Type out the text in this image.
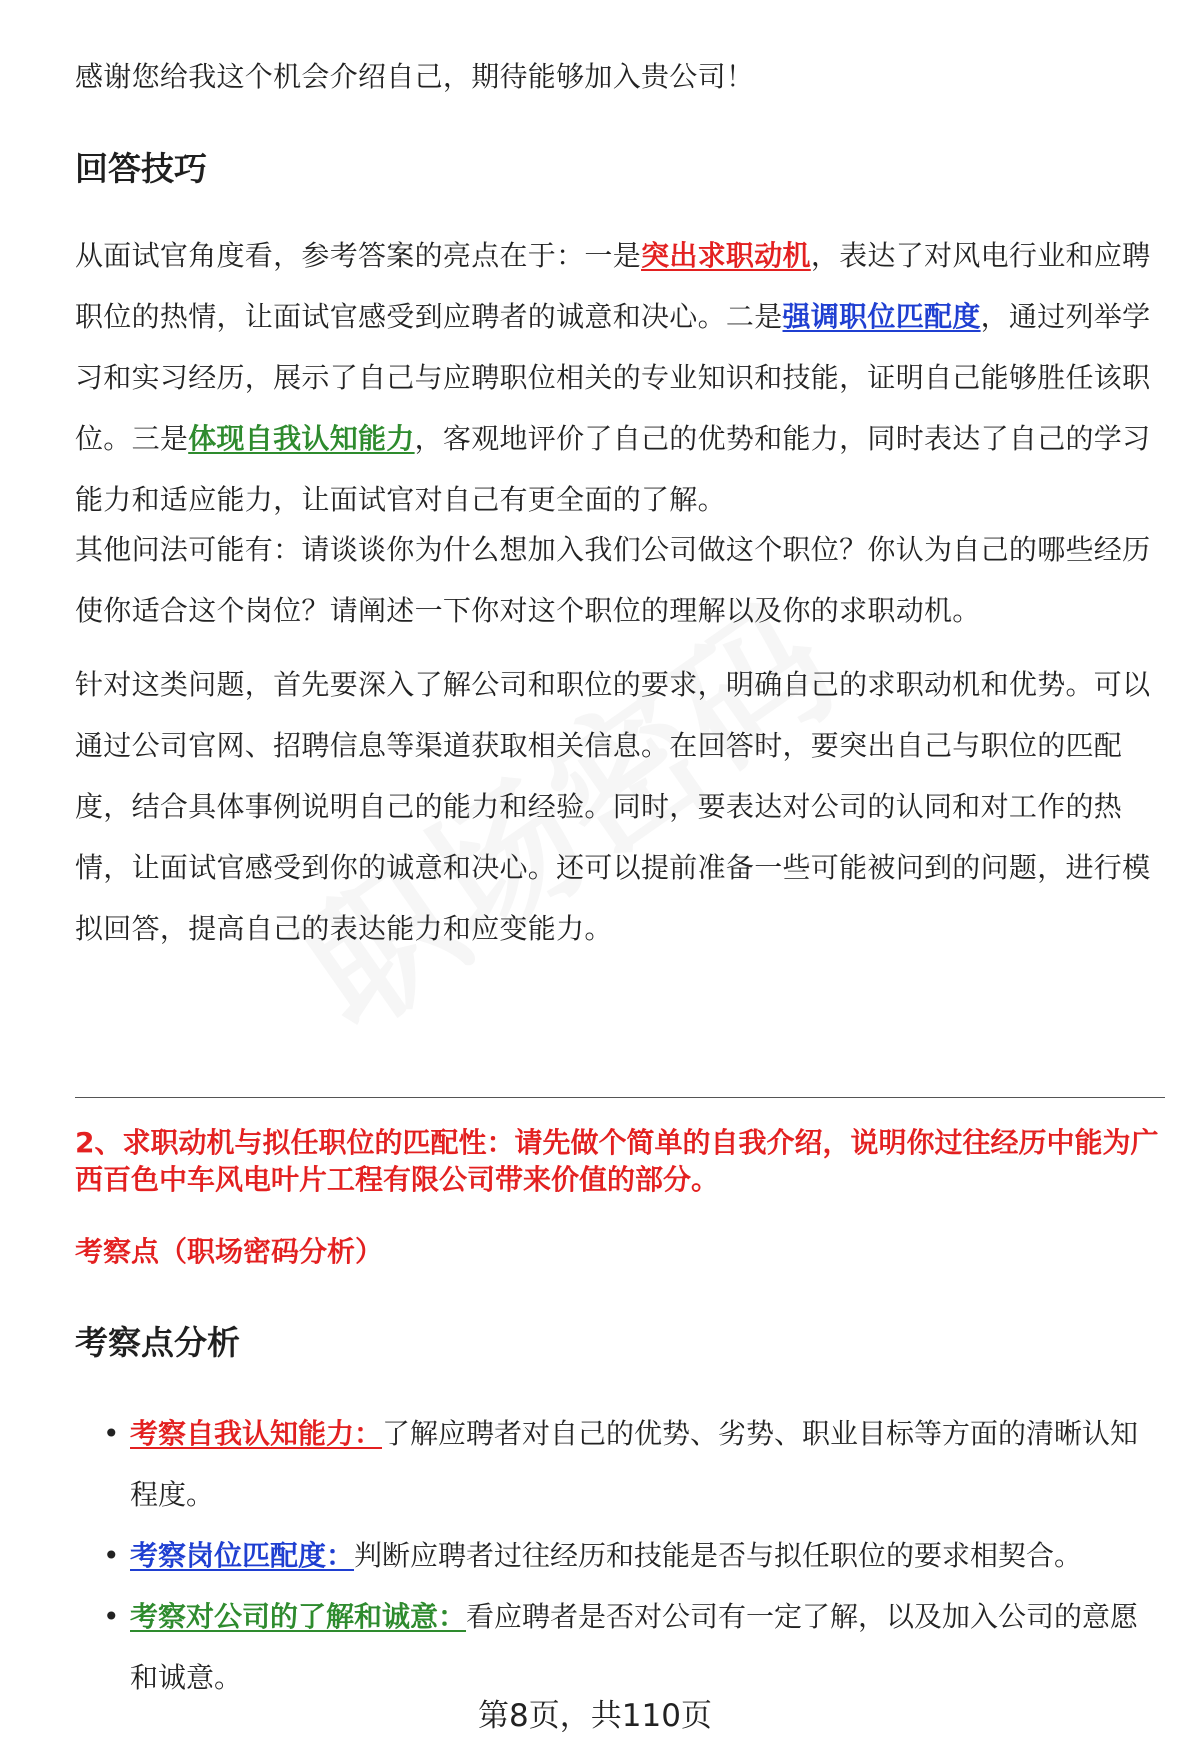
感谢您给我这个机会介绍自己，期待能够加入贵公司！

回答技巧

从面试官角度看，参考答案的亮点在于：一是突出求职动机，表达了对风电行业和应聘职位的热情，让面试官感受到应聘者的诚意和决心。二是强调职位匹配度，通过列举学习和实习经历，展示了自己与应聘职位相关的专业知识和技能，证明自己能够胜任该职位。三是体现自我认知能力，客观地评价了自己的优势和能力，同时表达了自己的学习能力和适应能力，让面试官对自己有更全面的了解。

其他问法可能有：请谈谈你为什么想加入我们公司做这个职位？你认为自己的哪些经历使你适合这个岗位？请阐述一下你对这个职位的理解以及你的求职动机。

针对这类问题，首先要深入了解公司和职位的要求，明确自己的求职动机和优势。可以通过公司官网、招聘信息等渠道获取相关信息。在回答时，要突出自己与职位的匹配度，结合具体事例说明自己的能力和经验。同时，要表达对公司的认同和对工作的热情，让面试官感受到你的诚意和决心。还可以提前准备一些可能被问到的问题，进行模拟回答，提高自己的表达能力和应变能力。

2、求职动机与拟任职位的匹配性：请先做个简单的自我介绍，说明你过往经历中能为广西百色中车风电叶片工程有限公司带来价值的部分。

考察点（职场密码分析）

考察点分析
• 考察自我认知能力：了解应聘者对自己的优势、劣势、职业目标等方面的清晰认知程度。
• 考察岗位匹配度：判断应聘者过往经历和技能是否与拟任职位的要求相契合。
• 考察对公司的了解和诚意：看应聘者是否对公司有一定了解，以及加入公司的意愿和诚意。
第8页，共110页
